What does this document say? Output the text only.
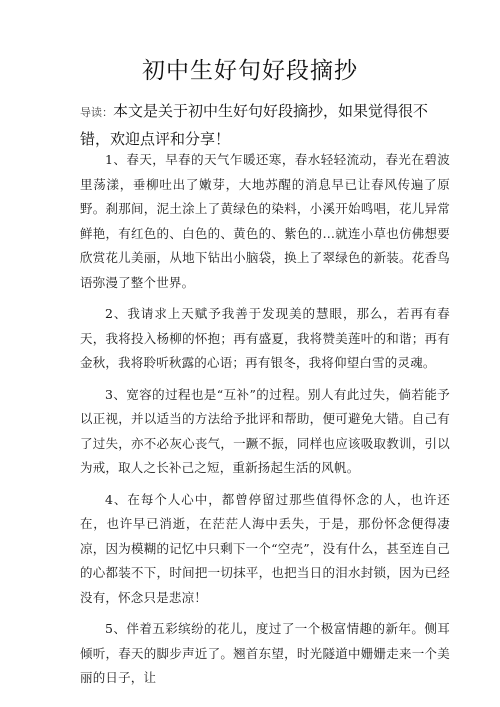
初中生好句好段摘抄
导读：本文是关于初中生好句好段摘抄，如果觉得很不错，欢迎点评和分享！

1、春天，早春的天气乍暖还寒，春水轻轻流动，春光在碧波里荡漾，垂柳吐出了嫩芽，大地苏醒的消息早已让春风传遍了原野。刹那间，泥土涂上了黄绿色的染料，小溪开始鸣唱，花儿异常鲜艳，有红色的、白色的、黄色的、紫色的…就连小草也仿佛想要欣赏花儿美丽，从地下钻出小脑袋，换上了翠绿色的新装。花香鸟语弥漫了整个世界。

2、我请求上天赋予我善于发现美的慧眼，那么，若再有春天，我将投入杨柳的怀抱；再有盛夏，我将赞美莲叶的和谐；再有金秋，我将聆听秋露的心语；再有银冬，我将仰望白雪的灵魂。

3、宽容的过程也是“互补”的过程。别人有此过失，倘若能予以正视，并以适当的方法给予批评和帮助，便可避免大错。自己有了过失，亦不必灰心丧气，一蹶不振，同样也应该吸取教训，引以为戒，取人之长补己之短，重新扬起生活的风帆。

4、在每个人心中，都曾停留过那些值得怀念的人，也许还在，也许早已消逝，在茫茫人海中丢失，于是，那份怀念便得凄凉，因为模糊的记忆中只剩下一个“空壳”，没有什么，甚至连自己的心都装不下，时间把一切抹平，也把当日的泪水封锁，因为已经没有，怀念只是悲凉！

5、伴着五彩缤纷的花儿，度过了一个极富情趣的新年。侧耳倾听，春天的脚步声近了。翘首东望，时光隧道中姗姗走来一个美丽的日子，让
